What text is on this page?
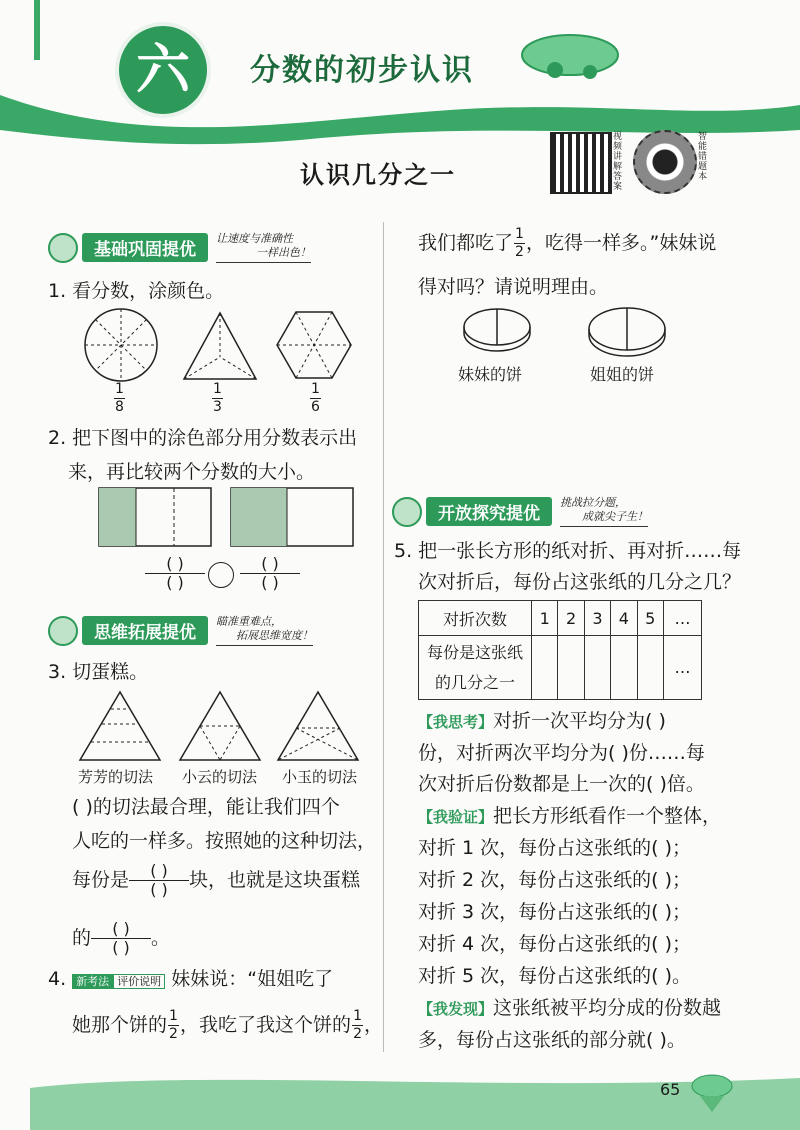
六	分数的初步认识
视频讲解答案
智能错题本
认识几分之一
基础巩固提优
让速度与准确性
一样出色！
1. 看分数，涂颜色。
$\frac{1}{8}$	$\frac{1}{3}$	$\frac{1}{6}$
2. 把下图中的涂色部分用分数表示出
来，再比较两个分数的大小。
( )
( )
( )
( )
思维拓展提优
瞄准重难点，
拓展思维宽度！
3. 切蛋糕。
芳芳的切法 小云的切法 小玉的切法
( )的切法最合理，能让我们四个
人吃的一样多。按照她的这种切法，
每份是 ( )
( ) 块，也就是这块蛋糕
的 ( )
( ) 。
4. 新考法 评价说明 妹妹说：“姐姐吃了
她那个饼的 $\frac{1}{2}$ ，我吃了我这个饼的 $\frac{1}{2}$ ，
我们都吃了 $\frac{1}{2}$ ，吃得一样多。”妹妹说
得对吗？请说明理由。
妹妹的饼	姐姐的饼
开放探究提优
挑战拉分题，
成就尖子生！
5. 把一张长方形的纸对折、再对折……每
次对折后，每份占这张纸的几分之几？
对折次数	1	2	3	4	5	…
每份是这张纸
的几分之一						…
【我思考】对折一次平均分为( )
份，对折两次平均分为( )份……每
次对折后份数都是上一次的( )倍。
【我验证】把长方形纸看作一个整体，
对折 1 次，每份占这张纸的( )；
对折 2 次，每份占这张纸的( )；
对折 3 次，每份占这张纸的( )；
对折 4 次，每份占这张纸的( )；
对折 5 次，每份占这张纸的( )。
【我发现】这张纸被平均分成的份数越
多，每份占这张纸的部分就( )。
65
